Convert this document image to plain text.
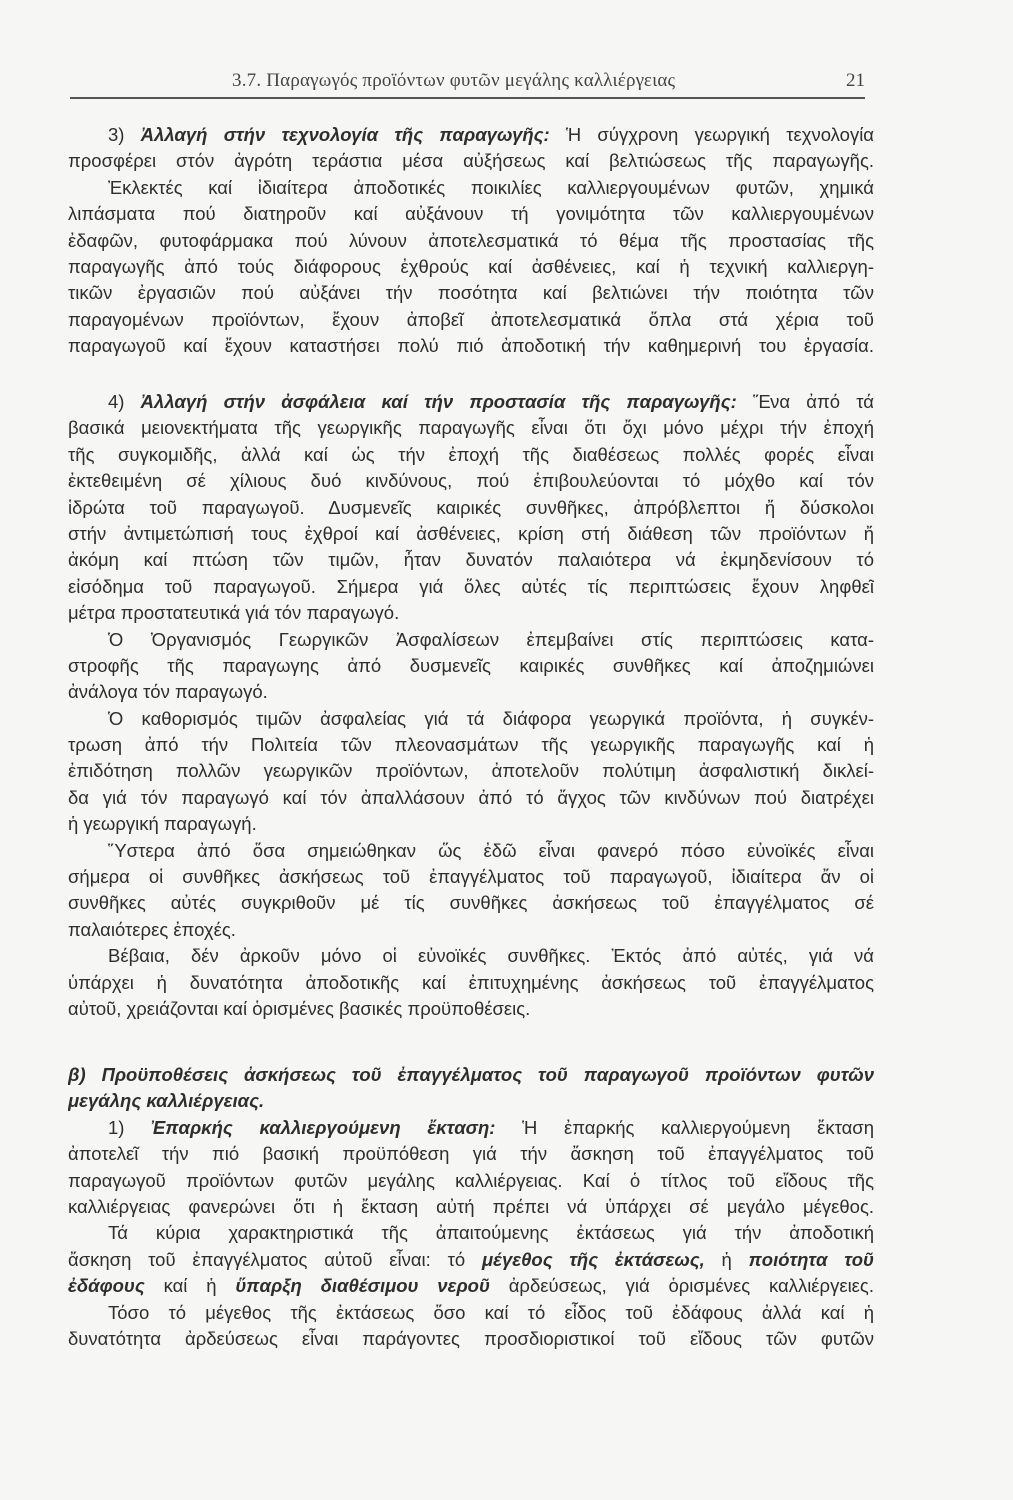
3.7. Παραγωγός προϊόντων φυτῶν μεγάλης καλλιέργειας	21
3) Ἀλλαγή στήν τεχνολογία τῆς παραγωγῆς: Ἡ σύγχρονη γεωργική τεχνολογία
προσφέρει στόν ἀγρότη τεράστια μέσα αὐξήσεως καί βελτιώσεως τῆς παραγωγῆς.
Ἐκλεκτές καί ἰδιαίτερα ἀποδοτικές ποικιλίες καλλιεργουμένων φυτῶν, χημικά
λιπάσματα πού διατηροῦν καί αὐξάνουν τή γονιμότητα τῶν καλλιεργουμένων
ἐδαφῶν, φυτοφάρμακα πού λύνουν ἀποτελεσματικά τό θέμα τῆς προστασίας τῆς
παραγωγῆς ἀπό τούς διάφορους ἐχθρούς καί ἀσθένειες, καί ἡ τεχνική καλλιεργη-
τικῶν ἐργασιῶν πού αὐξάνει τήν ποσότητα καί βελτιώνει τήν ποιότητα τῶν
παραγομένων προϊόντων, ἔχουν ἀποβεῖ ἀποτελεσματικά ὅπλα στά χέρια τοῦ
παραγωγοῦ καί ἔχουν καταστήσει πολύ πιό ἀποδοτική τήν καθημερινή του ἐργασία.
4) Ἀλλαγή στήν ἀσφάλεια καί τήν προστασία τῆς παραγωγῆς: Ἕνα ἀπό τά
βασικά μειονεκτήματα τῆς γεωργικῆς παραγωγῆς εἶναι ὅτι ὄχι μόνο μέχρι τήν ἐποχή
τῆς συγκομιδῆς, ἀλλά καί ὡς τήν ἐποχή τῆς διαθέσεως πολλές φορές εἶναι
ἐκτεθειμένη σέ χίλιους δυό κινδύνους, πού ἐπιβουλεύονται τό μόχθο καί τόν
ἱδρώτα τοῦ παραγωγοῦ. Δυσμενεῖς καιρικές συνθῆκες, ἀπρόβλεπτοι ἤ δύσκολοι
στήν ἀντιμετώπισή τους ἐχθροί καί ἀσθένειες, κρίση στή διάθεση τῶν προϊόντων ἤ
ἀκόμη καί πτώση τῶν τιμῶν, ἦταν δυνατόν παλαιότερα νά ἐκμηδενίσουν τό
εἰσόδημα τοῦ παραγωγοῦ. Σήμερα γιά ὅλες αὐτές τίς περιπτώσεις ἔχουν ληφθεῖ
μέτρα προστατευτικά γιά τόν παραγωγό.
Ὁ Ὀργανισμός Γεωργικῶν Ἀσφαλίσεων ἐπεμβαίνει στίς περιπτώσεις κατα-
στροφῆς τῆς παραγωγης ἀπό δυσμενεῖς καιρικές συνθῆκες καί ἀποζημιώνει
ἀνάλογα τόν παραγωγό.
Ὁ καθορισμός τιμῶν ἀσφαλείας γιά τά διάφορα γεωργικά προϊόντα, ἡ συγκέν-
τρωση ἀπό τήν Πολιτεία τῶν πλεονασμάτων τῆς γεωργικῆς παραγωγῆς καί ἡ
ἐπιδότηση πολλῶν γεωργικῶν προϊόντων, ἀποτελοῦν πολύτιμη ἀσφαλιστική δικλεί-
δα γιά τόν παραγωγό καί τόν ἀπαλλάσουν ἀπό τό ἄγχος τῶν κινδύνων πού διατρέχει
ἡ γεωργική παραγωγή.
Ὕστερα ἀπό ὅσα σημειώθηκαν ὥς ἐδῶ εἶναι φανερό πόσο εὐνοϊκές εἶναι
σήμερα οἱ συνθῆκες ἀσκήσεως τοῦ ἐπαγγέλματος τοῦ παραγωγοῦ, ἰδιαίτερα ἄν οἱ
συνθῆκες αὐτές συγκριθοῦν μέ τίς συνθῆκες ἀσκήσεως τοῦ ἐπαγγέλματος σέ
παλαιότερες ἐποχές.
Βέβαια, δέν ἀρκοῦν μόνο οἱ εὐνοϊκές συνθῆκες. Ἐκτός ἀπό αὐτές, γιά νά
ὑπάρχει ἡ δυνατότητα ἀποδοτικῆς καί ἐπιτυχημένης ἀσκήσεως τοῦ ἐπαγγέλματος
αὐτοῦ, χρειάζονται καί ὁρισμένες βασικές προϋποθέσεις.
β) Προϋποθέσεις ἀσκήσεως τοῦ ἐπαγγέλματος τοῦ παραγωγοῦ προϊόντων φυτῶν
μεγάλης καλλιέργειας.
1) Ἐπαρκής καλλιεργούμενη ἔκταση: Ἡ ἐπαρκής καλλιεργούμενη ἔκταση
ἀποτελεῖ τήν πιό βασική προϋπόθεση γιά τήν ἄσκηση τοῦ ἐπαγγέλματος τοῦ
παραγωγοῦ προϊόντων φυτῶν μεγάλης καλλιέργειας. Καί ὁ τίτλος τοῦ εἴδους τῆς
καλλιέργειας φανερώνει ὅτι ἡ ἔκταση αὐτή πρέπει νά ὑπάρχει σέ μεγάλο μέγεθος.
Τά κύρια χαρακτηριστικά τῆς ἀπαιτούμενης ἐκτάσεως γιά τήν ἀποδοτική
ἄσκηση τοῦ ἐπαγγέλματος αὐτοῦ εἶναι: τό μέγεθος τῆς ἐκτάσεως, ἡ ποιότητα τοῦ
ἐδάφους καί ἡ ὕπαρξη διαθέσιμου νεροῦ ἀρδεύσεως, γιά ὁρισμένες καλλιέργειες.
Τόσο τό μέγεθος τῆς ἐκτάσεως ὅσο καί τό εἶδος τοῦ ἐδάφους ἀλλά καί ἡ
δυνατότητα ἀρδεύσεως εἶναι παράγοντες προσδιοριστικοί τοῦ εἴδους τῶν φυτῶν
